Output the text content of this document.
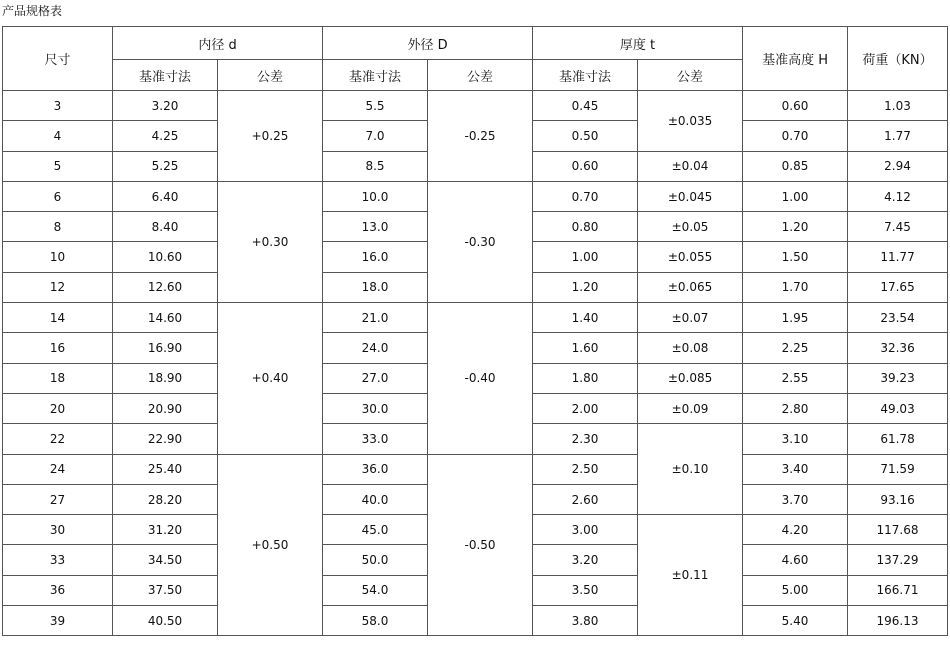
产品规格表
尺寸	内径 d		外径 D		厚度 t		基准高度 H	荷重（KN）
	基准寸法	公差	基准寸法	公差	基准寸法	公差		
3	3.20	+0.25	5.5	-0.25	0.45	±0.035	0.60	1.03
4	4.25		7.0		0.50		0.70	1.77
5	5.25		8.5		0.60	±0.04	0.85	2.94
6	6.40	+0.30	10.0	-0.30	0.70	±0.045	1.00	4.12
8	8.40		13.0		0.80	±0.05	1.20	7.45
10	10.60		16.0		1.00	±0.055	1.50	11.77
12	12.60		18.0		1.20	±0.065	1.70	17.65
14	14.60	+0.40	21.0	-0.40	1.40	±0.07	1.95	23.54
16	16.90		24.0		1.60	±0.08	2.25	32.36
18	18.90		27.0		1.80	±0.085	2.55	39.23
20	20.90		30.0		2.00	±0.09	2.80	49.03
22	22.90		33.0		2.30	±0.10	3.10	61.78
24	25.40	+0.50	36.0	-0.50	2.50		3.40	71.59
27	28.20		40.0		2.60		3.70	93.16
30	31.20		45.0		3.00	±0.11	4.20	117.68
33	34.50		50.0		3.20		4.60	137.29
36	37.50		54.0		3.50		5.00	166.71
39	40.50		58.0		3.80		5.40	196.13
